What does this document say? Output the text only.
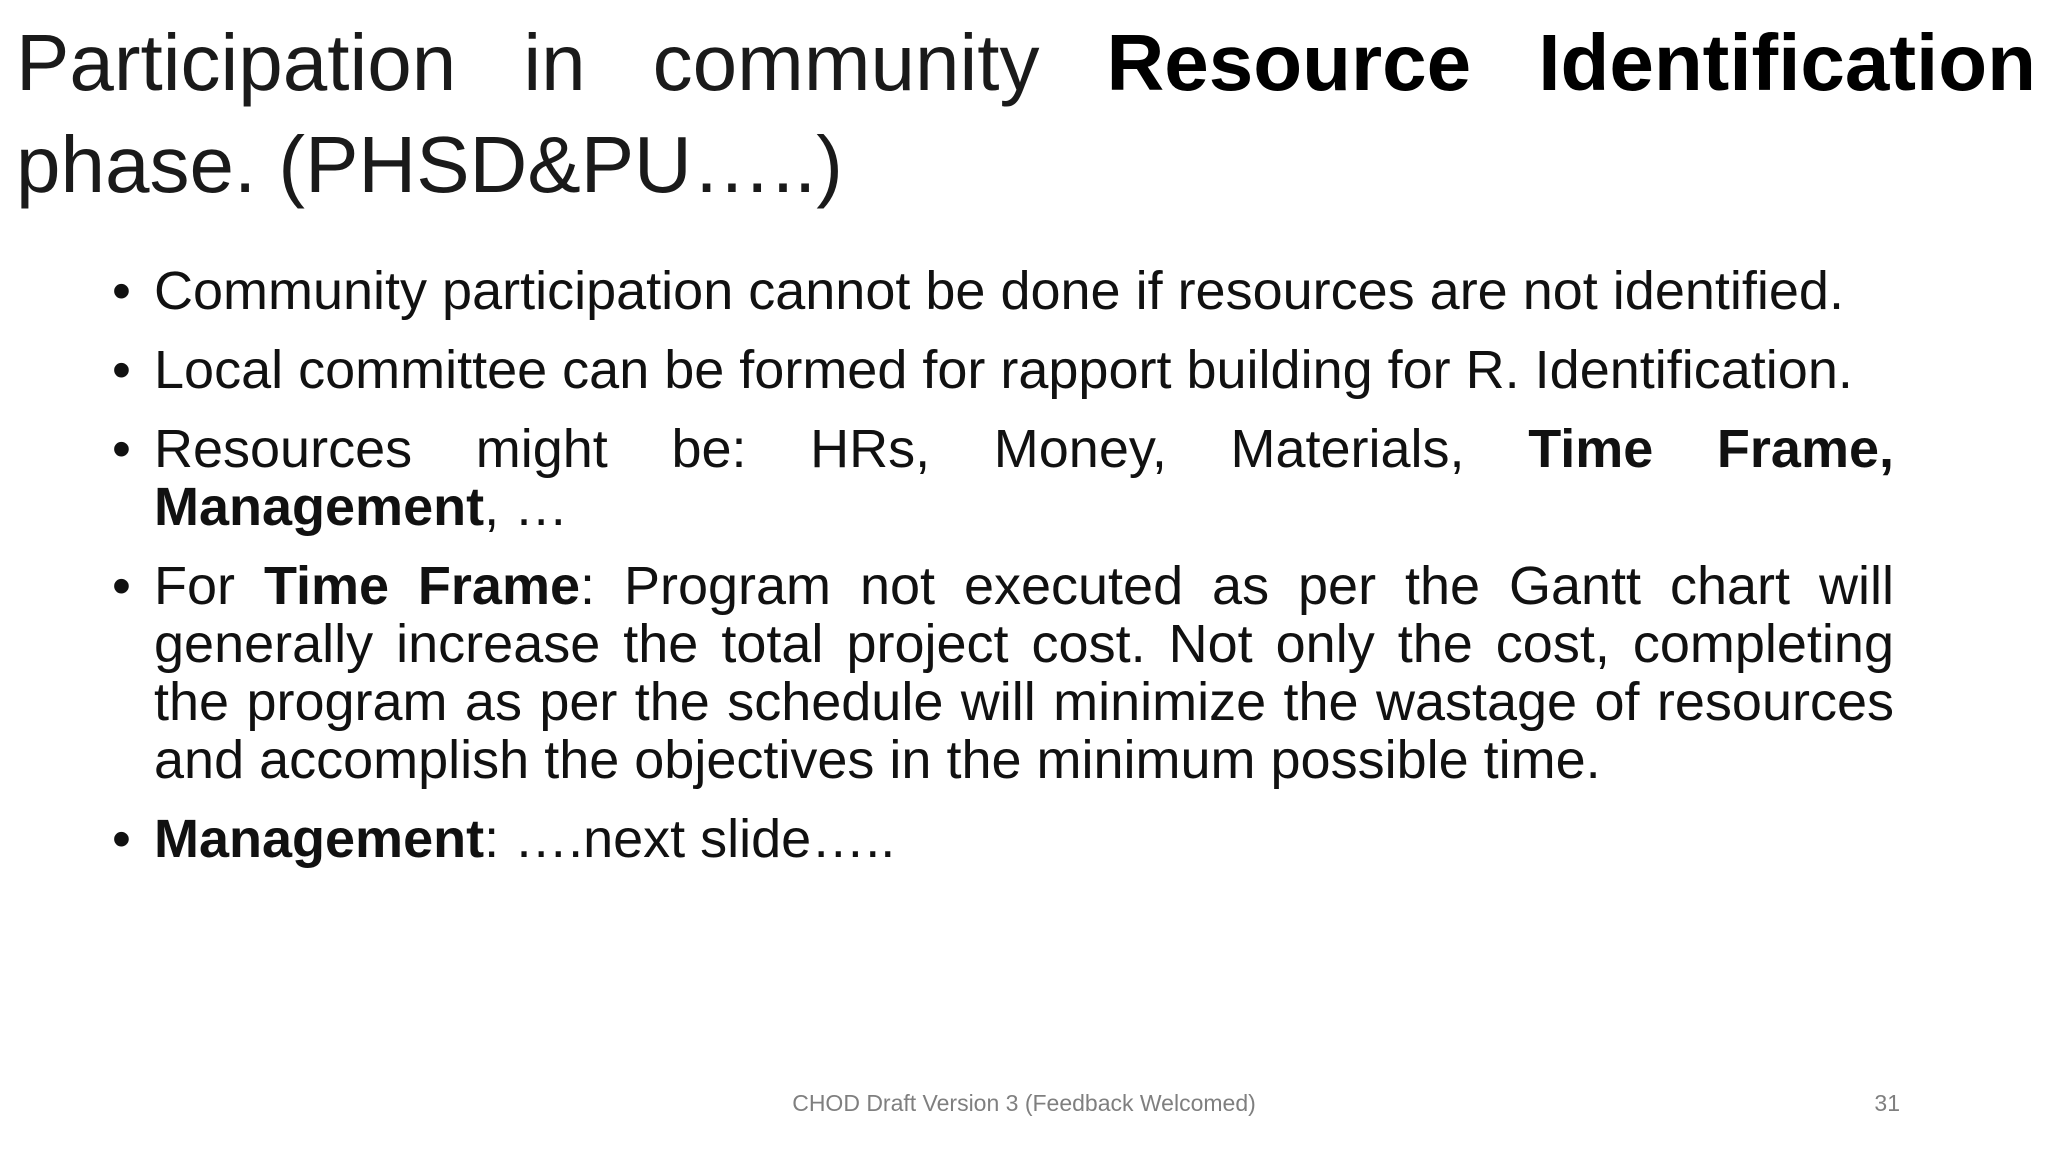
Participation in community Resource Identification phase. (PHSD&PU…..)
• Community participation cannot be done if resources are not identified.
• Local committee can be formed for rapport building for R. Identification.
• Resources might be: HRs, Money, Materials, Time Frame, Management, …
• For Time Frame: Program not executed as per the Gantt chart will generally increase the total project cost. Not only the cost, completing the program as per the schedule will minimize the wastage of resources and accomplish the objectives in the minimum possible time.
• Management: ….next slide…..
CHOD Draft Version 3 (Feedback Welcomed)	31
